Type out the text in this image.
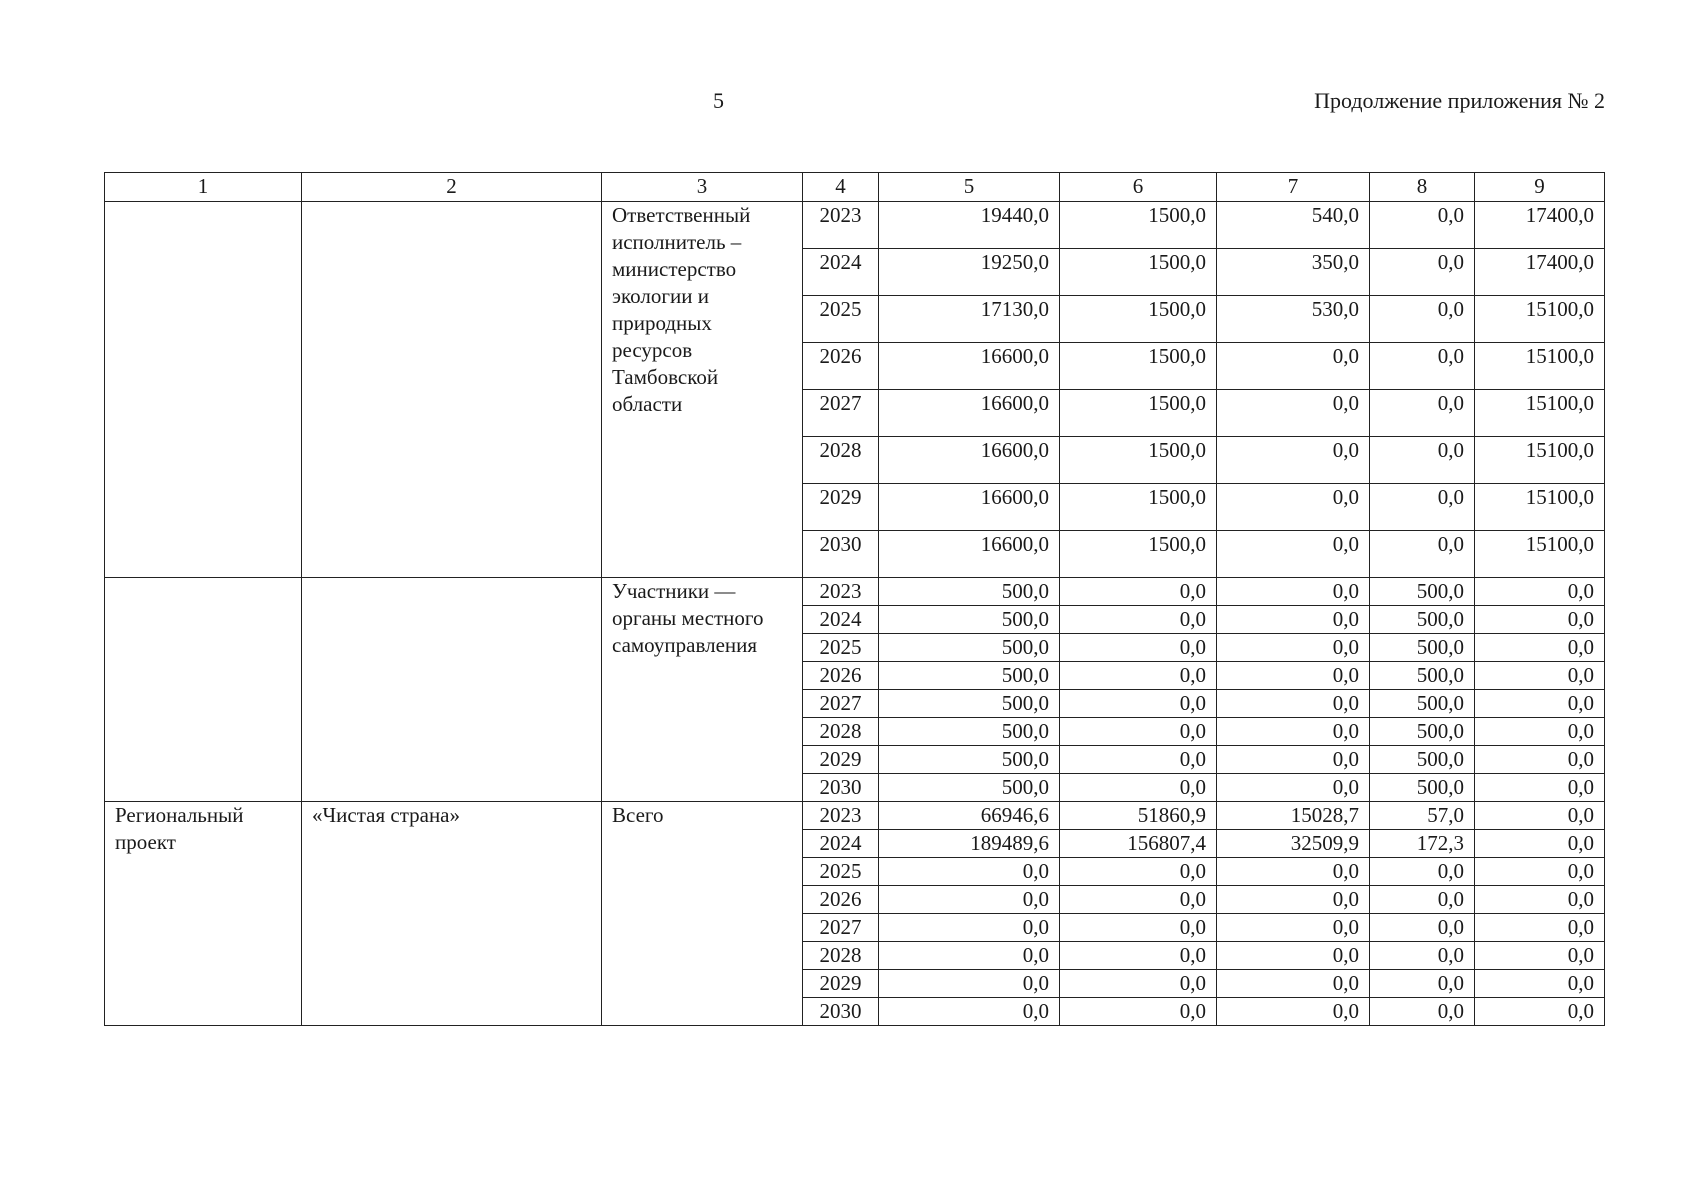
5	Продолжение приложения № 2
1	2	3	4	5	6	7	8	9
		Ответственный исполнитель – министерство экологии и природных ресурсов Тамбовской области	2023	19440,0	1500,0	540,0	0,0	17400,0
			2024	19250,0	1500,0	350,0	0,0	17400,0
			2025	17130,0	1500,0	530,0	0,0	15100,0
			2026	16600,0	1500,0	0,0	0,0	15100,0
			2027	16600,0	1500,0	0,0	0,0	15100,0
			2028	16600,0	1500,0	0,0	0,0	15100,0
			2029	16600,0	1500,0	0,0	0,0	15100,0
			2030	16600,0	1500,0	0,0	0,0	15100,0
		Участники — органы местного самоуправления	2023	500,0	0,0	0,0	500,0	0,0
			2024	500,0	0,0	0,0	500,0	0,0
			2025	500,0	0,0	0,0	500,0	0,0
			2026	500,0	0,0	0,0	500,0	0,0
			2027	500,0	0,0	0,0	500,0	0,0
			2028	500,0	0,0	0,0	500,0	0,0
			2029	500,0	0,0	0,0	500,0	0,0
			2030	500,0	0,0	0,0	500,0	0,0
Региональный проект	«Чистая страна»	Всего	2023	66946,6	51860,9	15028,7	57,0	0,0
			2024	189489,6	156807,4	32509,9	172,3	0,0
			2025	0,0	0,0	0,0	0,0	0,0
			2026	0,0	0,0	0,0	0,0	0,0
			2027	0,0	0,0	0,0	0,0	0,0
			2028	0,0	0,0	0,0	0,0	0,0
			2029	0,0	0,0	0,0	0,0	0,0
			2030	0,0	0,0	0,0	0,0	0,0
